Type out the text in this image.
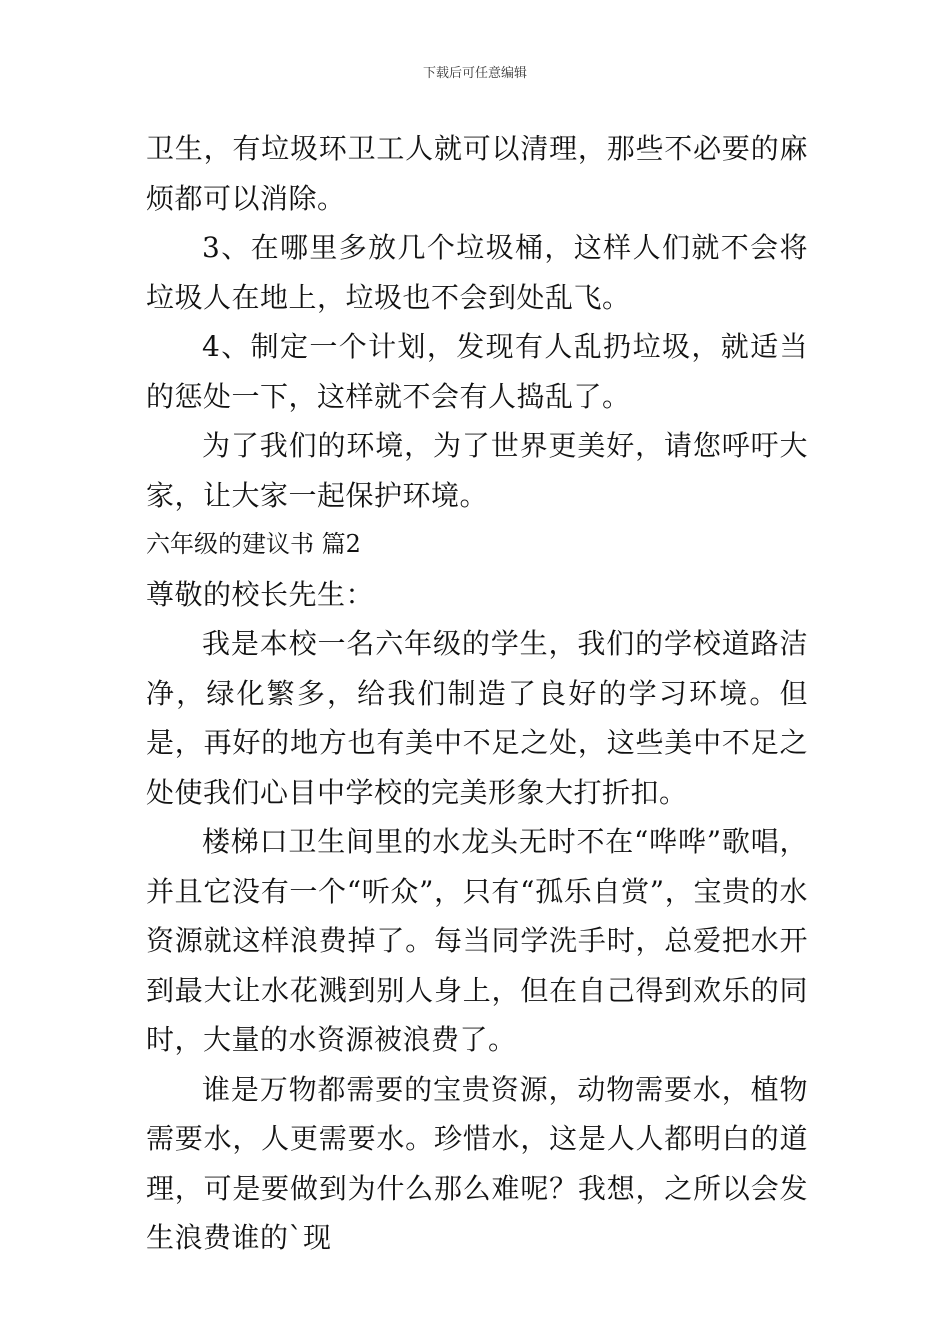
下载后可任意编辑

卫生，有垃圾环卫工人就可以清理，那些不必要的麻烦都可以消除。

3、在哪里多放几个垃圾桶，这样人们就不会将垃圾人在地上，垃圾也不会到处乱飞。

4、制定一个计划，发现有人乱扔垃圾，就适当的惩处一下，这样就不会有人捣乱了。

为了我们的环境，为了世界更美好，请您呼吁大家，让大家一起保护环境。

六年级的建议书 篇2

尊敬的校长先生：

我是本校一名六年级的学生，我们的学校道路洁净，绿化繁多，给我们制造了良好的学习环境。但是，再好的地方也有美中不足之处，这些美中不足之处使我们心目中学校的完美形象大打折扣。

楼梯口卫生间里的水龙头无时不在“哗哗”歌唱，并且它没有一个“听众”，只有“孤乐自赏”，宝贵的水资源就这样浪费掉了。每当同学洗手时，总爱把水开到最大让水花溅到别人身上，但在自己得到欢乐的同时，大量的水资源被浪费了。

谁是万物都需要的宝贵资源，动物需要水，植物需要水，人更需要水。珍惜水，这是人人都明白的道理，可是要做到为什么那么难呢？我想，之所以会发生浪费谁的`现
